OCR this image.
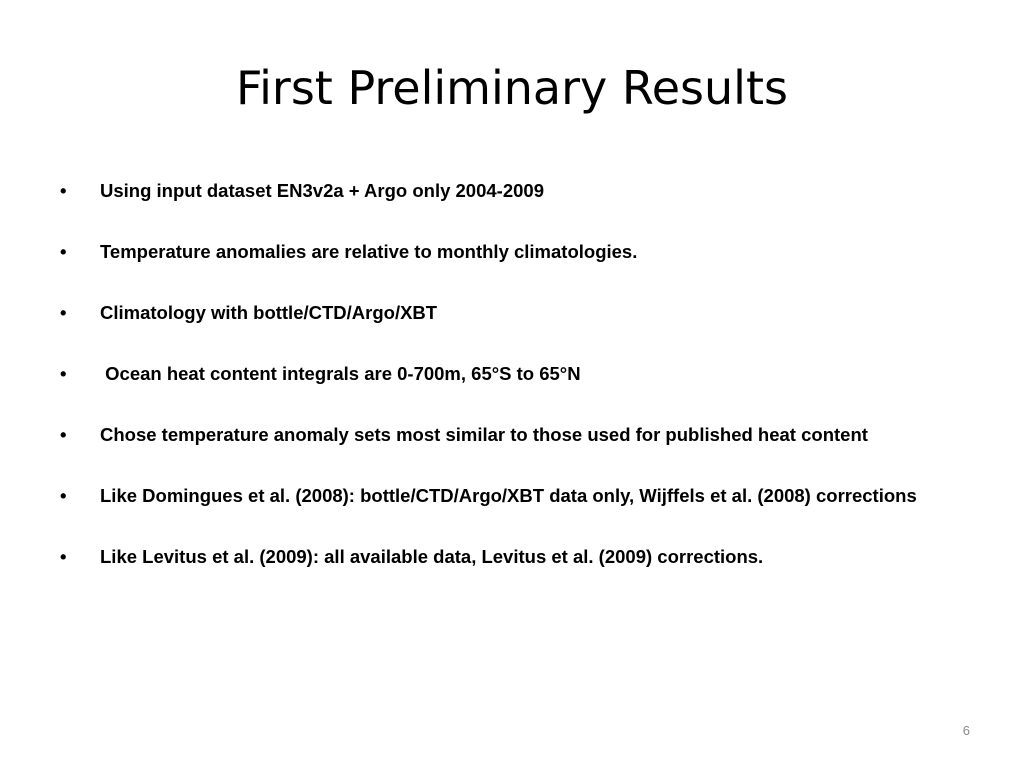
First Preliminary Results
•	Using input dataset EN3v2a + Argo only 2004-2009
•	Temperature anomalies are relative to monthly climatologies.
•	Climatology with bottle/CTD/Argo/XBT
•	Ocean heat content integrals are 0-700m, 65°S to 65°N
•	Chose temperature anomaly sets most similar to those used for published heat content
•	Like Domingues et al. (2008): bottle/CTD/Argo/XBT data only, Wijffels et al. (2008) corrections
•	Like Levitus et al. (2009): all available data, Levitus et al. (2009) corrections.
6
